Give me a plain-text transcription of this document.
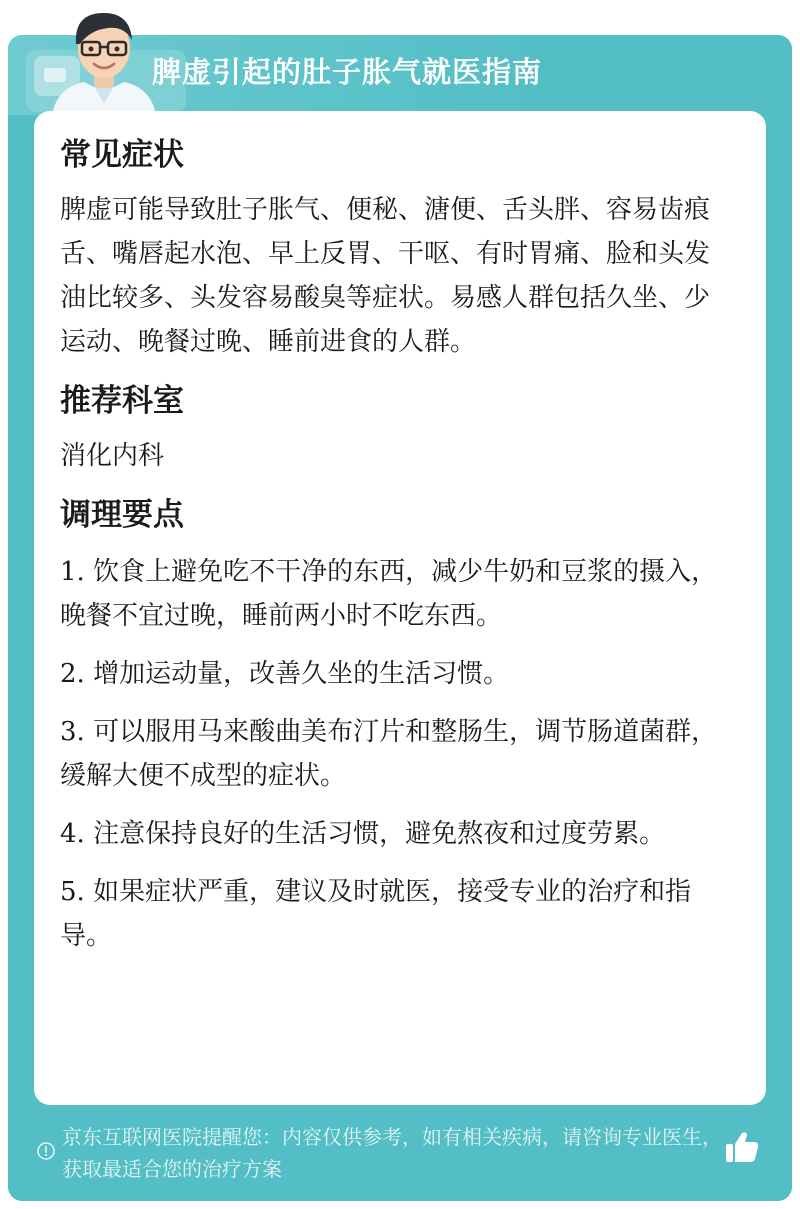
脾虚引起的肚子胀气就医指南
常见症状

脾虚可能导致肚子胀气、便秘、溏便、舌头胖、容易齿痕舌、嘴唇起水泡、早上反胃、干呕、有时胃痛、脸和头发油比较多、头发容易酸臭等症状。易感人群包括久坐、少运动、晚餐过晚、睡前进食的人群。

推荐科室

消化内科

调理要点

1. 饮食上避免吃不干净的东西，减少牛奶和豆浆的摄入，晚餐不宜过晚，睡前两小时不吃东西。

2. 增加运动量，改善久坐的生活习惯。

3. 可以服用马来酸曲美布汀片和整肠生，调节肠道菌群，缓解大便不成型的症状。

4. 注意保持良好的生活习惯，避免熬夜和过度劳累。

5. 如果症状严重，建议及时就医，接受专业的治疗和指导。

京东互联网医院提醒您：内容仅供参考，如有相关疾病，请咨询专业医生，获取最适合您的治疗方案
